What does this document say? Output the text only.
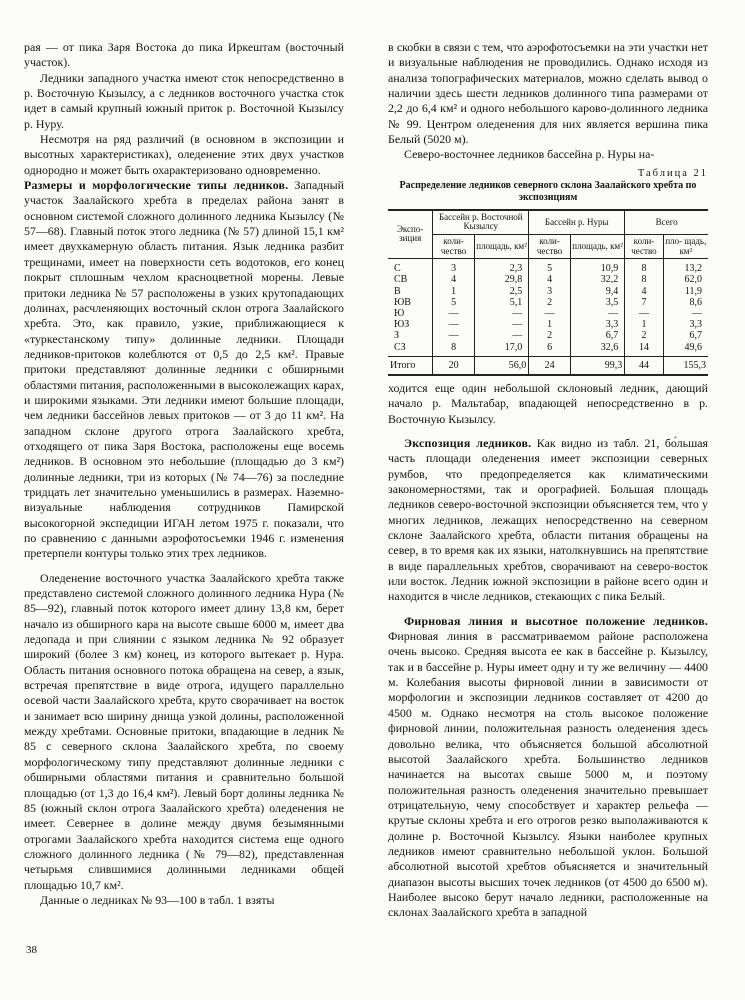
рая — от пика Заря Востока до пика Иркештам (восточный участок).

Ледники западного участка имеют сток непосредственно в р. Восточную Кызылсу, а с ледников восточного участка сток идет в самый крупный южный приток р. Восточной Кызылсу р. Нуру.

Несмотря на ряд различий (в основном в экспозиции и высотных характеристиках), оледенение этих двух участков однородно и может быть охарактеризовано одновременно.

Размеры и морфологические типы ледников. Западный участок Заалайского хребта в пределах района занят в основном системой сложного долинного ледника Кызылсу (№ 57—68). Главный поток этого ледника (№ 57) длиной 15,1 км² имеет двухкамерную область питания. Язык ледника разбит трещинами, имеет на поверхности сеть водотоков, его конец покрыт сплошным чехлом красноцветной морены. Левые притоки ледника № 57 расположены в узких крутопадающих долинах, расчленяющих восточный склон отрога Заалайского хребта. Это, как правило, узкие, приближающиеся к «туркестанскому типу» долинные ледники. Площади ледников-притоков колеблются от 0,5 до 2,5 км². Правые притоки представляют долинные ледники с обширными областями питания, расположенными в высоколежащих карах, и широкими языками. Эти ледники имеют большие площади, чем ледники бассейнов левых притоков — от 3 до 11 км². На западном склоне другого отрога Заалайского хребта, отходящего от пика Заря Востока, расположены еще восемь ледников. В основном это небольшие (площадью до 3 км²) долинные ледники, три из которых (№ 74—76) за последние тридцать лет значительно уменьшились в размерах. Наземно-визуальные наблюдения сотрудников Памирской высокогорной экспедиции ИГАН летом 1975 г. показали, что по сравнению с данными аэрофотосъемки 1946 г. изменения претерпели контуры только этих трех ледников.

Оледенение восточного участка Заалайского хребта также представлено системой сложного долинного ледника Нура (№ 85—92), главный поток которого имеет длину 13,8 км, берет начало из обширного кара на высоте свыше 6000 м, имеет два ледопада и при слиянии с языком ледника № 92 образует широкий (более 3 км) конец, из которого вытекает р. Нура. Область питания основного потока обращена на север, а язык, встречая препятствие в виде отрога, идущего параллельно осевой части Заалайского хребта, круто сворачивает на восток и занимает всю ширину днища узкой долины, расположенной между хребтами. Основные притоки, впадающие в ледник № 85 с северного склона Заалайского хребта, по своему морфологическому типу представляют долинные ледники с обширными областями питания и сравнительно большой площадью (от 1,3 до 16,4 км²). Левый борт долины ледника № 85 (южный склон отрога Заалайского хребта) оледенения не имеет. Севернее в долине между двумя безымянными отрогами Заалайского хребта находится система еще одного сложного долинного ледника (№ 79—82), представленная четырьмя слившимися долинными ледниками общей площадью 10,7 км².

Данные о ледниках № 93—100 в табл. 1 взяты

в скобки в связи с тем, что аэрофотосъемки на эти участки нет и визуальные наблюдения не проводились. Однако исходя из анализа топографических материалов, можно сделать вывод о наличии здесь шести ледников долинного типа размерами от 2,2 до 6,4 км² и одного небольшого карово-долинного ледника № 99. Центром оледенения для них является вершина пика Белый (5020 м).

Северо-восточнее ледников бассейна р. Нуры на-

Таблица 21
Распределение ледников северного склона Заалайского хребта по экспозициям
Экспо- зиция	Бассейн р. Восточной Кызылсу		Бассейн р. Нуры		Всего	
	коли- чество	площадь, км²	коли- чество	площадь, км²	коли- чество	пло- щадь, км²
С	3	2,3	5	10,9	8	13,2
СВ	4	29,8	4	32,2	8	62,0
В	1	2,5	3	9,4	4	11,9
ЮВ	5	5,1	2	3,5	7	8,6
Ю	—	—	—	—	—	—
ЮЗ	—	—	1	3,3	1	3,3
З	—	—	2	6,7	2	6,7
СЗ	8	17,0	6	32,6	14	49,6
Итого	20	56,0	24	99,3	44	155,3

ходится еще один небольшой склоновый ледник, дающий начало р. Мальтабар, впадающей непосредственно в р. Восточную Кызылсу.

Экспозиция ледников. Как видно из табл. 21, бо́льшая часть площади оледенения имеет экспозиции северных румбов, что предопределяется как климатическими закономерностями, так и орографией. Большая площадь ледников северо-восточной экспозиции объясняется тем, что у многих ледников, лежащих непосредственно на северном склоне Заалайского хребта, области питания обращены на север, в то время как их языки, натолкнувшись на препятствие в виде параллельных хребтов, сворачивают на северо-восток или восток. Ледник южной экспозиции в районе всего один и находится в числе ледников, стекающих с пика Белый.

Фирновая линия и высотное положение ледников. Фирновая линия в рассматриваемом районе расположена очень высоко. Средняя высота ее как в бассейне р. Кызылсу, так и в бассейне р. Нуры имеет одну и ту же величину — 4400 м. Колебания высоты фирновой линии в зависимости от морфологии и экспозиции ледников составляет от 4200 до 4500 м. Однако несмотря на столь высокое положение фирновой линии, положительная разность оледенения здесь довольно велика, что объясняется большой абсолютной высотой Заалайского хребта. Большинство ледников начинается на высотах свыше 5000 м, и поэтому положительная разность оледенения значительно превышает отрицательную, чему способствует и характер рельефа — крутые склоны хребта и его отрогов резко выполаживаются к долине р. Восточной Кызылсу. Языки наиболее крупных ледников имеют сравнительно небольшой уклон. Большой абсолютной высотой хребтов объясняется и значительный диапазон высоты высших точек ледников (от 4500 до 6500 м). Наиболее высоко берут начало ледники, расположенные на склонах Заалайского хребта в западной

38
